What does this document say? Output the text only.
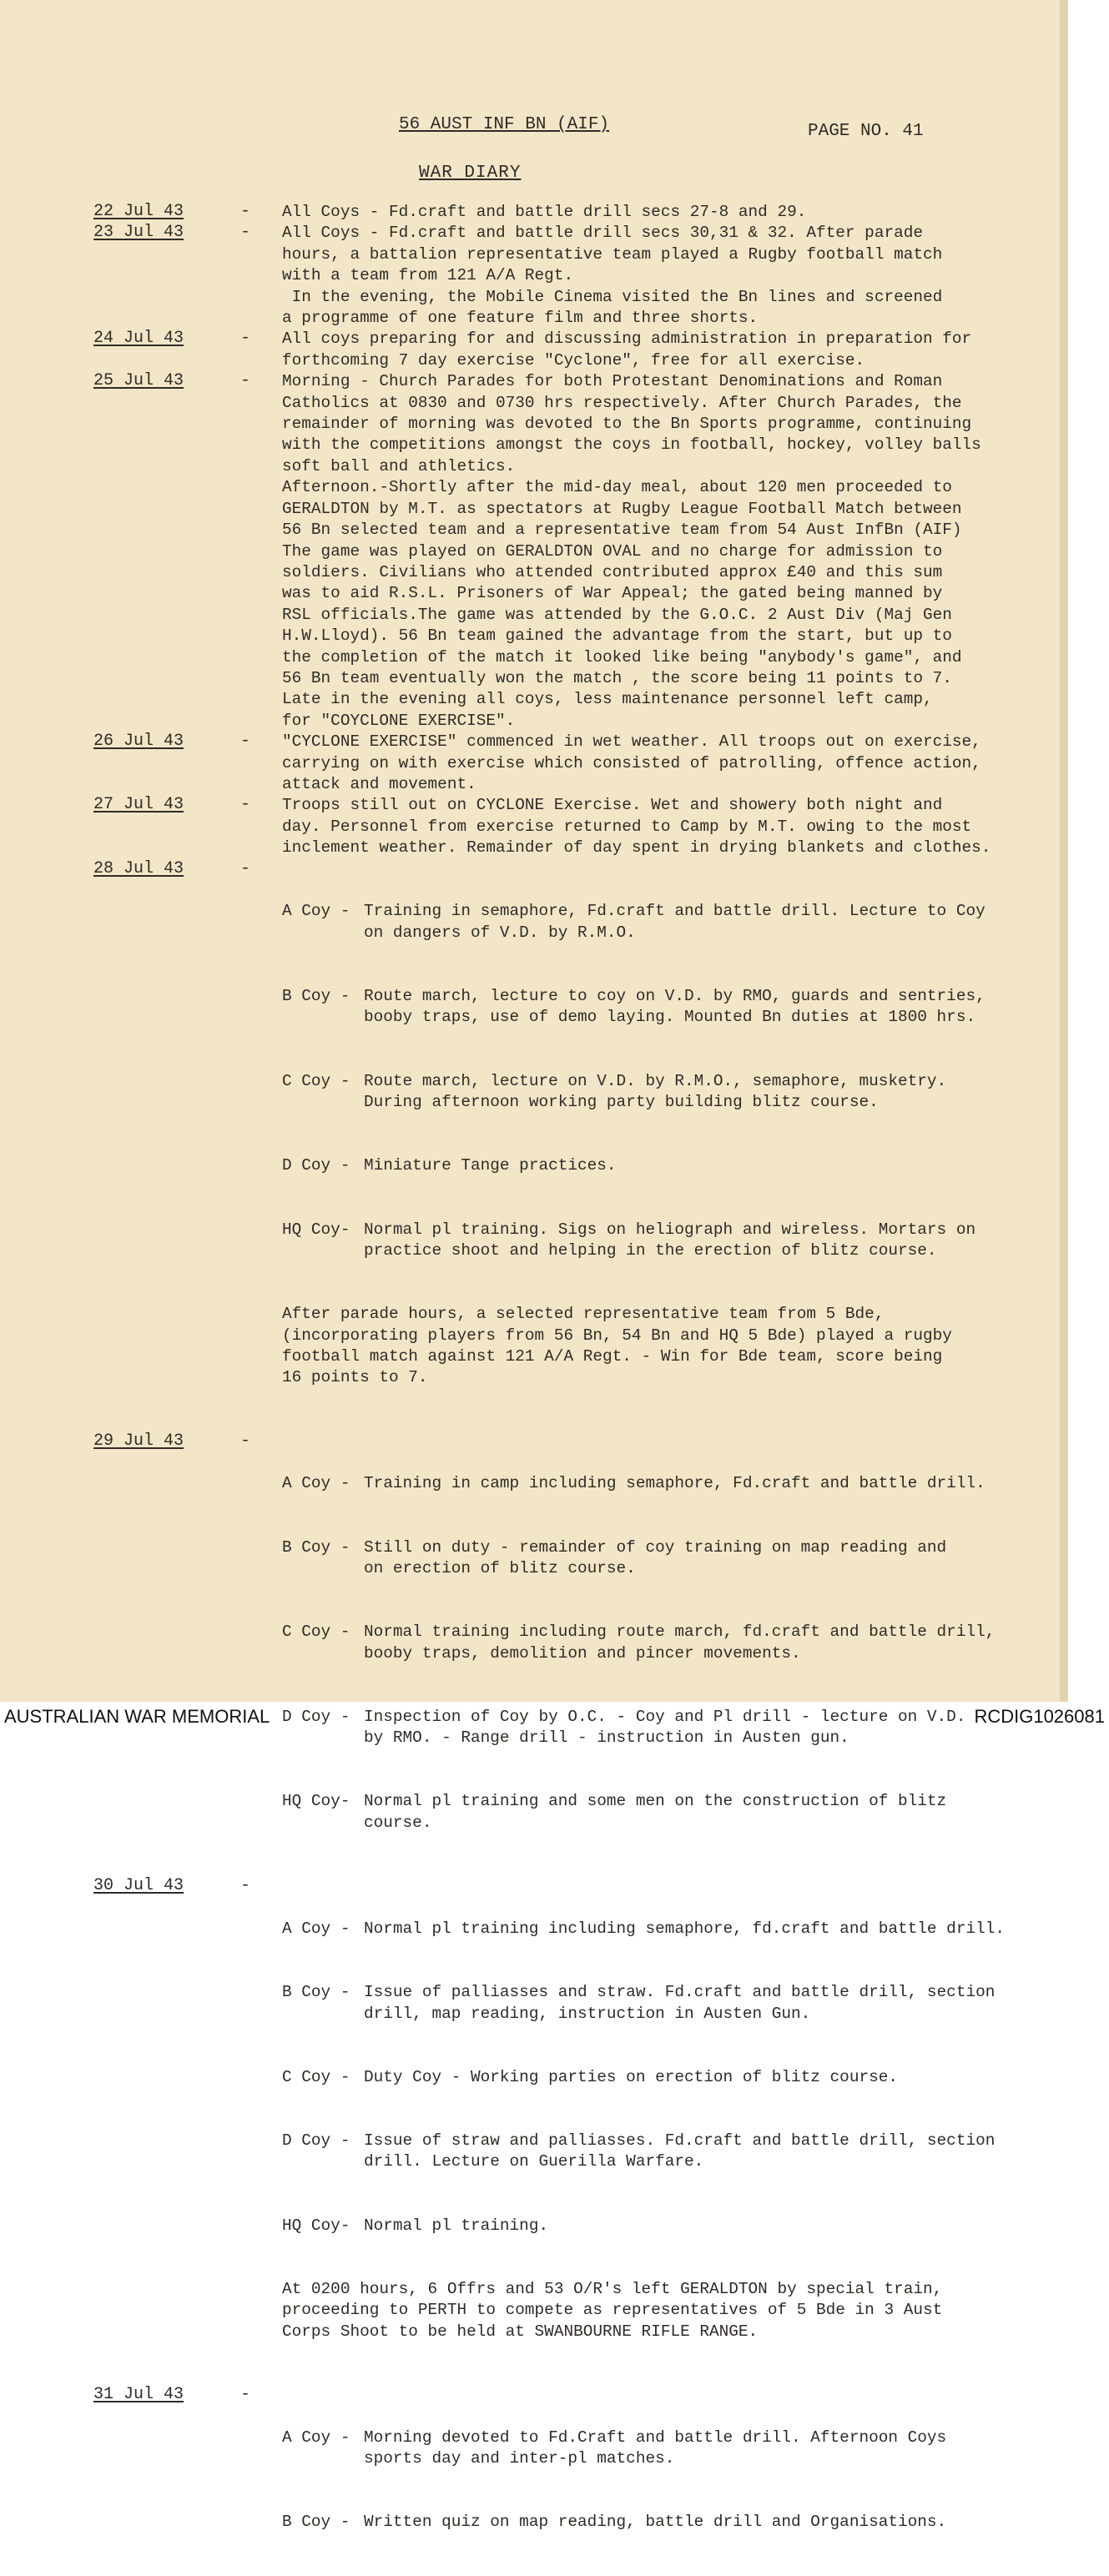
56 AUST INF BN (AIF)	PAGE NO. 41
WAR DIARY
22 Jul 43	- All Coys - Fd.craft and battle drill secs 27-8 and 29.
23 Jul 43	- All Coys - Fd.craft and battle drill secs 30,31 & 32. After parade
hours, a battalion representative team played a Rugby football match
with a team from 121 A/A Regt.
In the evening, the Mobile Cinema visited the Bn lines and screened
a programme of one feature film and three shorts.
24 Jul 43	- All coys preparing for and discussing administration in preparation for
forthcoming 7 day exercise "Cyclone", free for all exercise.
25 Jul 43	- Morning - Church Parades for both Protestant Denominations and Roman
Catholics at 0830 and 0730 hrs respectively. After Church Parades, the
remainder of morning was devoted to the Bn Sports programme, continuing
with the competitions amongst the coys in football, hockey, volley balls
soft ball and athletics.
Afternoon.-Shortly after the mid-day meal, about 120 men proceeded to
GERALDTON by M.T. as spectators at Rugby League Football Match between
56 Bn selected team and a representative team from 54 Aust InfBn (AIF)
The game was played on GERALDTON OVAL and no charge for admission to
soldiers. Civilians who attended contributed approx £40 and this sum
was to aid R.S.L. Prisoners of War Appeal; the gated being manned by
RSL officials.The game was attended by the G.O.C. 2 Aust Div (Maj Gen
H.W.Lloyd). 56 Bn team gained the advantage from the start, but up to
the completion of the match it looked like being "anybody's game", and
56 Bn team eventually won the match , the score being 11 points to 7.
Late in the evening all coys, less maintenance personnel left camp,
for "COYCLONE EXERCISE".
26 Jul 43	- "CYCLONE EXERCISE" commenced in wet weather. All troops out on exercise,
carrying on with exercise which consisted of patrolling, offence action,
attack and movement.
27 Jul 43	- Troops still out on CYCLONE Exercise. Wet and showery both night and
day. Personnel from exercise returned to Camp by M.T. owing to the most
inclement weather. Remainder of day spent in drying blankets and clothes.
28 Jul 43	-

A Coy - Training in semaphore, Fd.craft and battle drill. Lecture to Coy
on dangers of V.D. by R.M.O.

B Coy - Route march, lecture to coy on V.D. by RMO, guards and sentries,
booby traps, use of demo laying. Mounted Bn duties at 1800 hrs.

C Coy - Route march, lecture on V.D. by R.M.O., semaphore, musketry.
During afternoon working party building blitz course.

D Coy - Miniature Tange practices.

HQ Coy- Normal pl training. Sigs on heliograph and wireless. Mortars on
practice shoot and helping in the erection of blitz course.

After parade hours, a selected representative team from 5 Bde,
(incorporating players from 56 Bn, 54 Bn and HQ 5 Bde) played a rugby
football match against 121 A/A Regt. - Win for Bde team, score being
16 points to 7.

29 Jul 43	-

A Coy - Training in camp including semaphore, Fd.craft and battle drill.

B Coy - Still on duty - remainder of coy training on map reading and
on erection of blitz course.

C Coy - Normal training including route march, fd.craft and battle drill,
booby traps, demolition and pincer movements.

D Coy - Inspection of Coy by O.C. - Coy and Pl drill - lecture on V.D.
by RMO. - Range drill - instruction in Austen gun.

HQ Coy- Normal pl training and some men on the construction of blitz
course.

30 Jul 43	-

A Coy - Normal pl training including semaphore, fd.craft and battle drill.

B Coy - Issue of palliasses and straw. Fd.craft and battle drill, section
drill, map reading, instruction in Austen Gun.

C Coy - Duty Coy - Working parties on erection of blitz course.

D Coy - Issue of straw and palliasses. Fd.craft and battle drill, section
drill. Lecture on Guerilla Warfare.

HQ Coy- Normal pl training.

At 0200 hours, 6 Offrs and 53 O/R's left GERALDTON by special train,
proceeding to PERTH to compete as representatives of 5 Bde in 3 Aust
Corps Shoot to be held at SWANBOURNE RIFLE RANGE.

31 Jul 43	-

A Coy - Morning devoted to Fd.Craft and battle drill. Afternoon Coys
sports day and inter-pl matches.

B Coy - Written quiz on map reading, battle drill and Organisations.

AUSTRALIAN WAR MEMORIAL	RCDIG1026081
